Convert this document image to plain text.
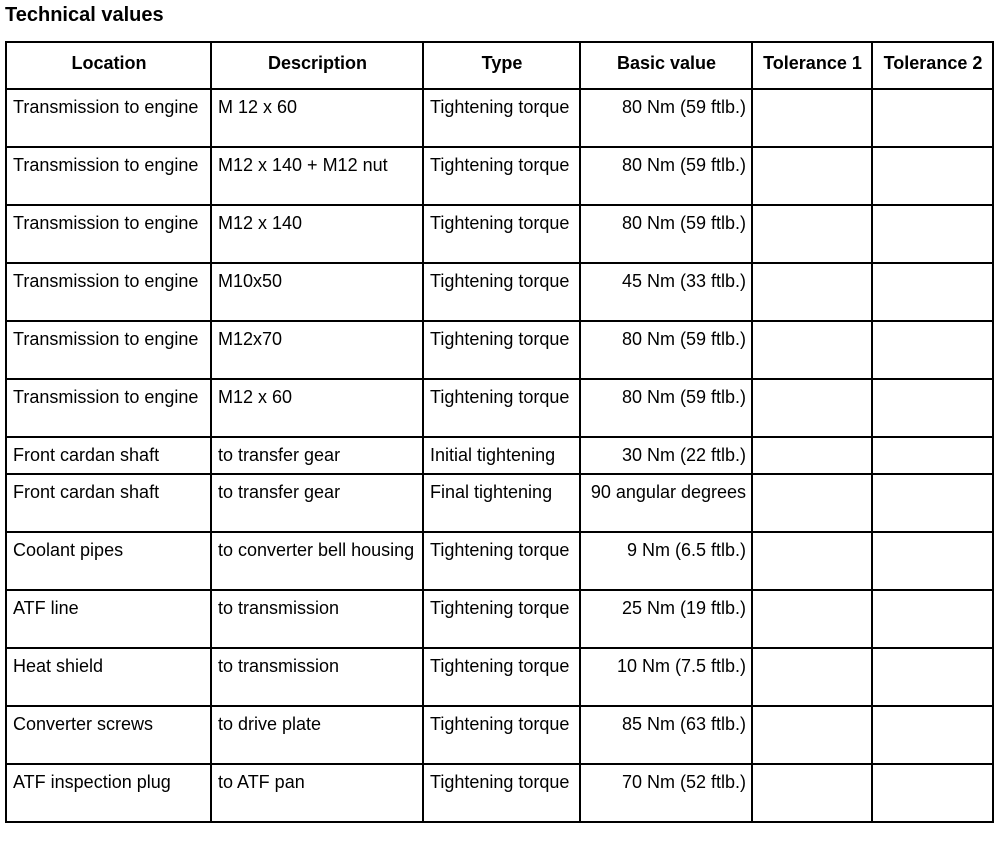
Technical values
Location	Description	Type	Basic value	Tolerance 1	Tolerance 2
Transmission to engine	M 12 x 60	Tightening torque	80 Nm (59 ftlb.)		
Transmission to engine	M12 x 140 + M12 nut	Tightening torque	80 Nm (59 ftlb.)		
Transmission to engine	M12 x 140	Tightening torque	80 Nm (59 ftlb.)		
Transmission to engine	M10x50	Tightening torque	45 Nm (33 ftlb.)		
Transmission to engine	M12x70	Tightening torque	80 Nm (59 ftlb.)		
Transmission to engine	M12 x 60	Tightening torque	80 Nm (59 ftlb.)		
Front cardan shaft	to transfer gear	Initial tightening	30 Nm (22 ftlb.)		
Front cardan shaft	to transfer gear	Final tightening	90 angular degrees		
Coolant pipes	to converter bell housing	Tightening torque	9 Nm (6.5 ftlb.)		
ATF line	to transmission	Tightening torque	25 Nm (19 ftlb.)		
Heat shield	to transmission	Tightening torque	10 Nm (7.5 ftlb.)		
Converter screws	to drive plate	Tightening torque	85 Nm (63 ftlb.)		
ATF inspection plug	to ATF pan	Tightening torque	70 Nm (52 ftlb.)		
